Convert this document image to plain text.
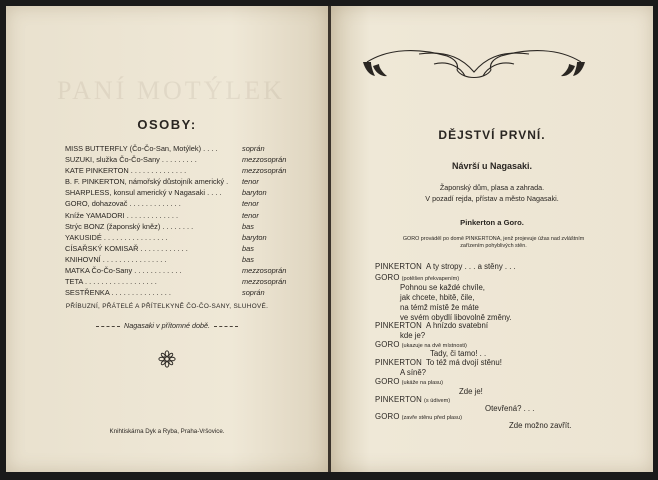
PANÍ MOTÝLEK
OSOBY:
MISS BUTTERFLY (Čo-Čo-San, Motýlek) . . . .	soprán
SUZUKI, služka Čo-Čo-Sany . . . . . . . . .	mezzosoprán
KATE PINKERTON . . . . . . . . . . . . . .	mezzosoprán
B. F. PINKERTON, námořský důstojník americký . tenor
SHARPLESS, konsul americký v Nagasaki . . . .	baryton
GORO, dohazovač . . . . . . . . . . . . .	tenor
Kníže YAMADORI . . . . . . . . . . . . .	tenor
Strýc BONZ (žaponský kněz) . . . . . . . .	bas
YAKUSIDÉ . . . . . . . . . . . . . . . .	baryton
CÍSAŘSKÝ KOMISAŘ . . . . . . . . . . . .	bas
KNIHOVNÍ . . . . . . . . . . . . . . . .	bas
MATKA Čo-Čo-Sany . . . . . . . . . . . .	mezzosoprán
TETA . . . . . . . . . . . . . . . . . .	mezzosoprán
SESTŘENKA . . . . . . . . . . . . . . .	soprán
PŘÍBUZNÍ, PŘÁTELÉ A PŘÍTELKYNĚ ČO-ČO-SANY, SLUHOVÉ.
Nagasaki v přítomné době.
Knihtiskárna Dyk a Ryba, Praha-Vršovice.
DĚJSTVÍ PRVNÍ.
Návrší u Nagasaki.
Žaponský dům, plasa a zahrada.
V pozadí rejda, přístav a město Nagasaki.
Pinkerton a Goro.
GORO prováděl po domě PINKERTONA, jenž projevuje úžas nad zvláštním
zařízením pohyblivých stěn.
PINKERTON A ty stropy . . . a stěny . . .
GORO (potěšen překvapením)
Pohnou se každé chvíle,
jak chcete, hbitě, čile,
na témž místě že máte
ve svém obydlí libovolně změny.
PINKERTON A hnízdo svatební
kde je?
GORO (ukazuje na dvě místnosti)
Tady, či tamo! . .
PINKERTON To též má dvojí stěnu!
A síně?
GORO (ukáže na plasu)
Zde je!
PINKERTON (s údivem)
Otevřená? . . .
GORO (zavře stěnu před plasu)
Zde možno zavřít.
